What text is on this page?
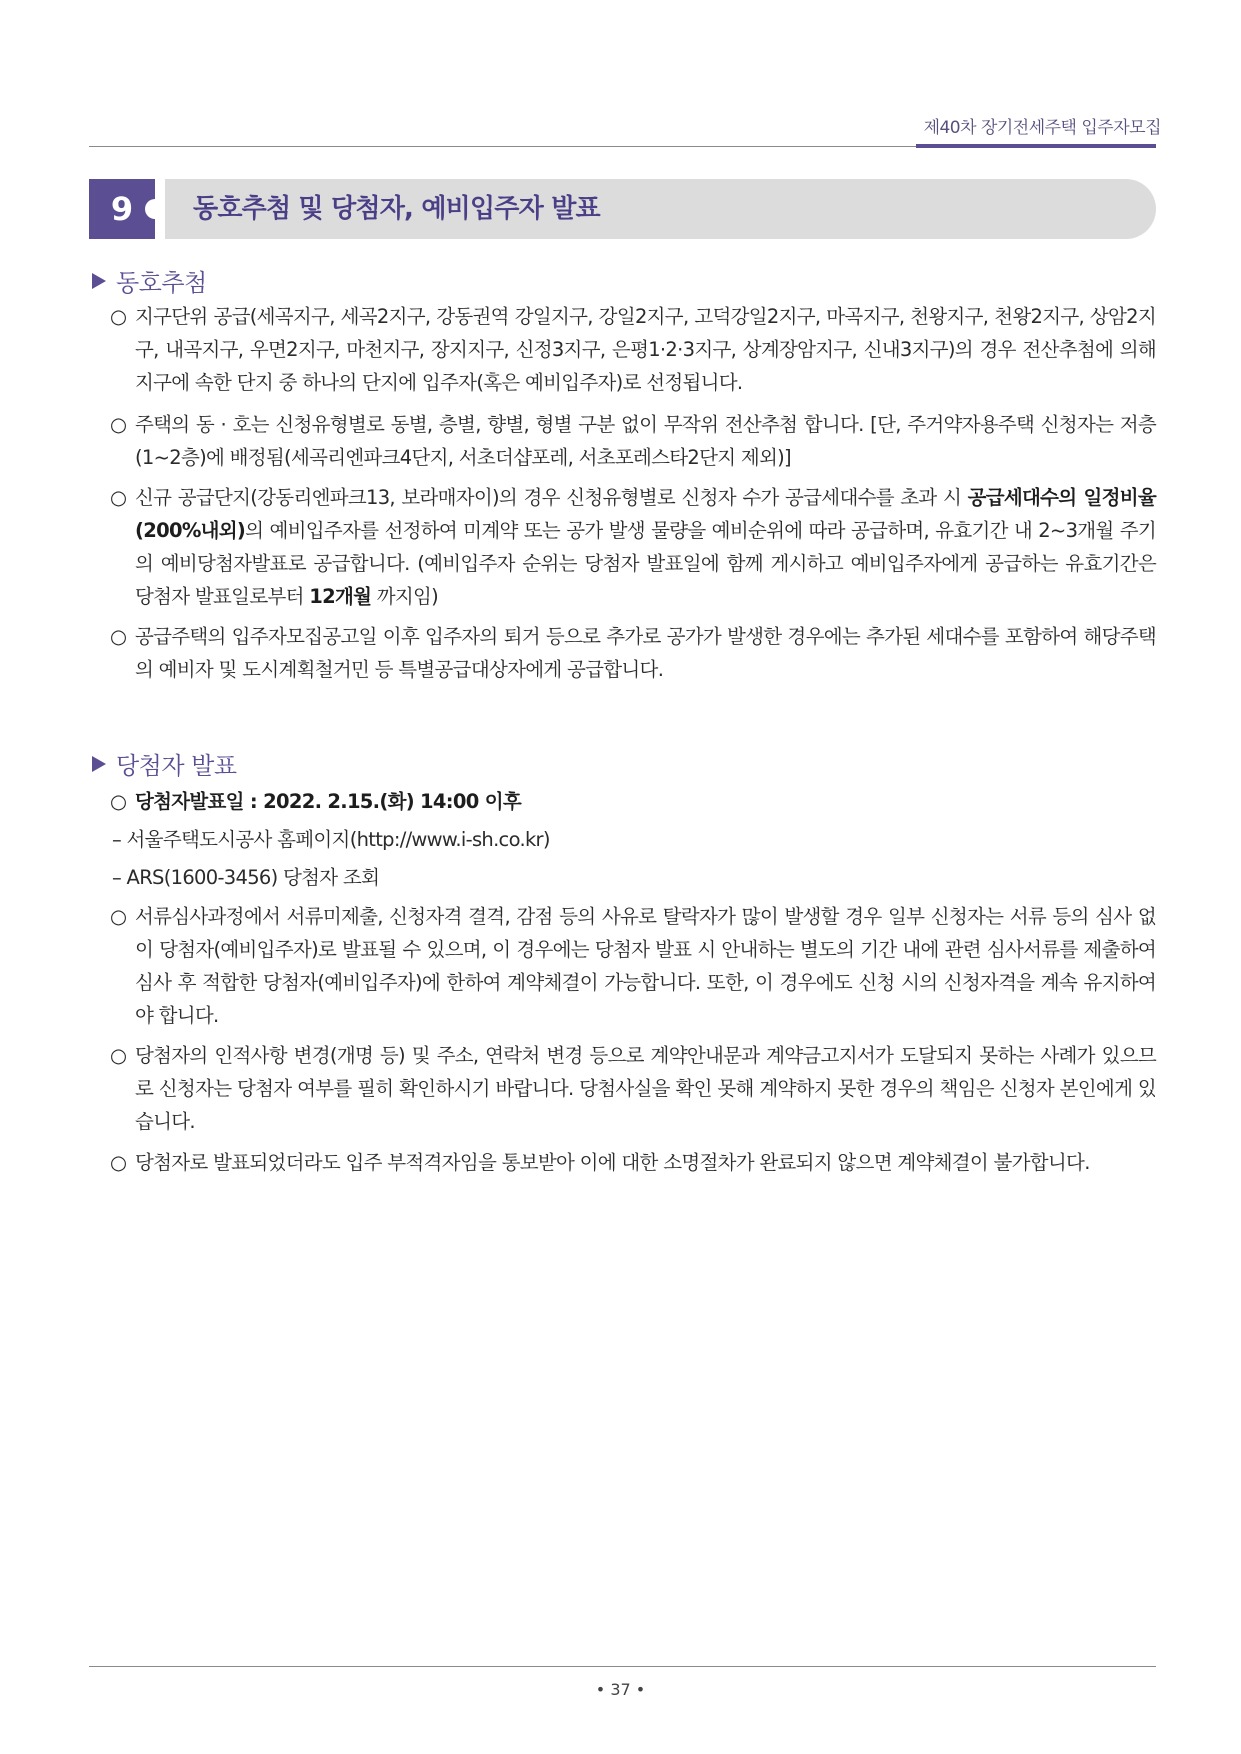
제40차 장기전세주택 입주자모집
9	동호추첨 및 당첨자, 예비입주자 발표
동호추첨
○ 지구단위 공급(세곡지구, 세곡2지구, 강동권역 강일지구, 강일2지구, 고덕강일2지구, 마곡지구, 천왕지구, 천왕2지구, 상암2지구, 내곡지구, 우면2지구, 마천지구, 장지지구, 신정3지구, 은평1·2·3지구, 상계장암지구, 신내3지구)의 경우 전산추첨에 의해 지구에 속한 단지 중 하나의 단지에 입주자(혹은 예비입주자)로 선정됩니다.
○ 주택의 동 · 호는 신청유형별로 동별, 층별, 향별, 형별 구분 없이 무작위 전산추첨 합니다. [단, 주거약자용주택 신청자는 저층(1~2층)에 배정됨(세곡리엔파크4단지, 서초더샵포레, 서초포레스타2단지 제외)]
○ 신규 공급단지(강동리엔파크13, 보라매자이)의 경우 신청유형별로 신청자 수가 공급세대수를 초과 시 공급세대수의 일정비율(200%내외)의 예비입주자를 선정하여 미계약 또는 공가 발생 물량을 예비순위에 따라 공급하며, 유효기간 내 2~3개월 주기의 예비당첨자발표로 공급합니다. (예비입주자 순위는 당첨자 발표일에 함께 게시하고 예비입주자에게 공급하는 유효기간은 당첨자 발표일로부터 12개월 까지임)
○ 공급주택의 입주자모집공고일 이후 입주자의 퇴거 등으로 추가로 공가가 발생한 경우에는 추가된 세대수를 포함하여 해당주택의 예비자 및 도시계획철거민 등 특별공급대상자에게 공급합니다.
당첨자 발표
○ 당첨자발표일 : 2022. 2.15.(화) 14:00 이후
– 서울주택도시공사 홈페이지(http://www.i-sh.co.kr)
– ARS(1600-3456) 당첨자 조회
○ 서류심사과정에서 서류미제출, 신청자격 결격, 감점 등의 사유로 탈락자가 많이 발생할 경우 일부 신청자는 서류 등의 심사 없이 당첨자(예비입주자)로 발표될 수 있으며, 이 경우에는 당첨자 발표 시 안내하는 별도의 기간 내에 관련 심사서류를 제출하여 심사 후 적합한 당첨자(예비입주자)에 한하여 계약체결이 가능합니다. 또한, 이 경우에도 신청 시의 신청자격을 계속 유지하여야 합니다.
○ 당첨자의 인적사항 변경(개명 등) 및 주소, 연락처 변경 등으로 계약안내문과 계약금고지서가 도달되지 못하는 사례가 있으므로 신청자는 당첨자 여부를 필히 확인하시기 바랍니다. 당첨사실을 확인 못해 계약하지 못한 경우의 책임은 신청자 본인에게 있습니다.
○ 당첨자로 발표되었더라도 입주 부적격자임을 통보받아 이에 대한 소명절차가 완료되지 않으면 계약체결이 불가합니다.
• 37 •
